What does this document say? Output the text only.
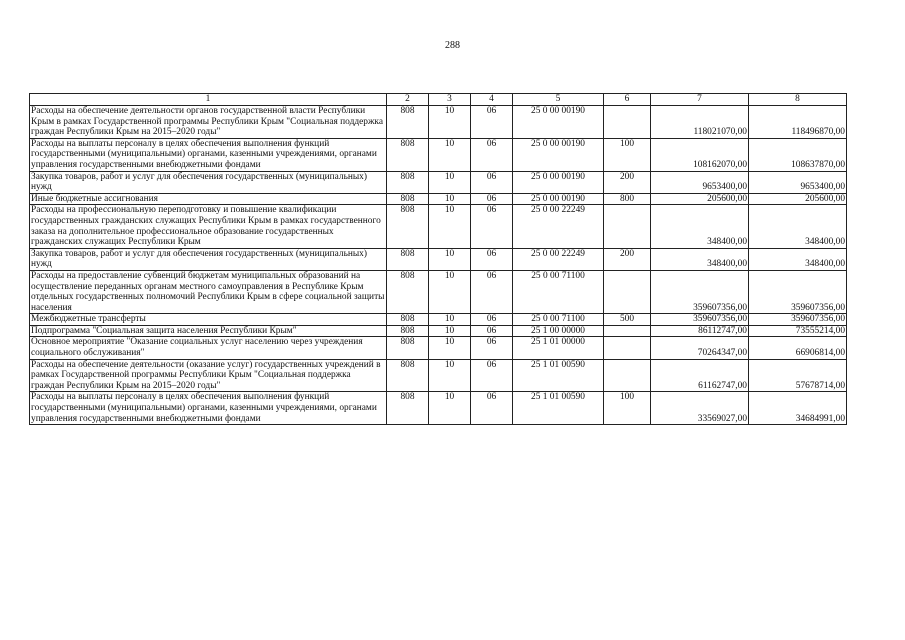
288
1	2	3	4	5	6	7	8
Расходы на обеспечение деятельности органов государственной власти Республики Крым в рамках Государственной программы Республики Крым "Социальная поддержка граждан Республики Крым на 2015–2020 годы"	808	10	06	25 0 00 00190		118021070,00	118496870,00
Расходы на выплаты персоналу в целях обеспечения выполнения функций государственными (муниципальными) органами, казенными учреждениями, органами управления государственными внебюджетными фондами	808	10	06	25 0 00 00190	100	108162070,00	108637870,00
Закупка товаров, работ и услуг для обеспечения государственных (муниципальных) нужд	808	10	06	25 0 00 00190	200	9653400,00	9653400,00
Иные бюджетные ассигнования	808	10	06	25 0 00 00190	800	205600,00	205600,00
Расходы на профессиональную переподготовку и повышение квалификации государственных гражданских служащих Республики Крым в рамках государственного заказа на дополнительное профессиональное образование государственных гражданских служащих Республики Крым	808	10	06	25 0 00 22249		348400,00	348400,00
Закупка товаров, работ и услуг для обеспечения государственных (муниципальных) нужд	808	10	06	25 0 00 22249	200	348400,00	348400,00
Расходы на предоставление субвенций бюджетам муниципальных образований на осуществление переданных органам местного самоуправления в Республике Крым отдельных государственных полномочий Республики Крым в сфере социальной защиты населения	808	10	06	25 0 00 71100		359607356,00	359607356,00
Межбюджетные трансферты	808	10	06	25 0 00 71100	500	359607356,00	359607356,00
Подпрограмма "Социальная защита населения Республики Крым"	808	10	06	25 1 00 00000		86112747,00	73555214,00
Основное мероприятие "Оказание социальных услуг населению через учреждения социального обслуживания"	808	10	06	25 1 01 00000		70264347,00	66906814,00
Расходы на обеспечение деятельности (оказание услуг) государственных учреждений в рамках Государственной программы Республики Крым "Социальная поддержка граждан Республики Крым на 2015–2020 годы"	808	10	06	25 1 01 00590		61162747,00	57678714,00
Расходы на выплаты персоналу в целях обеспечения выполнения функций государственными (муниципальными) органами, казенными учреждениями, органами управления государственными внебюджетными фондами	808	10	06	25 1 01 00590	100	33569027,00	34684991,00
